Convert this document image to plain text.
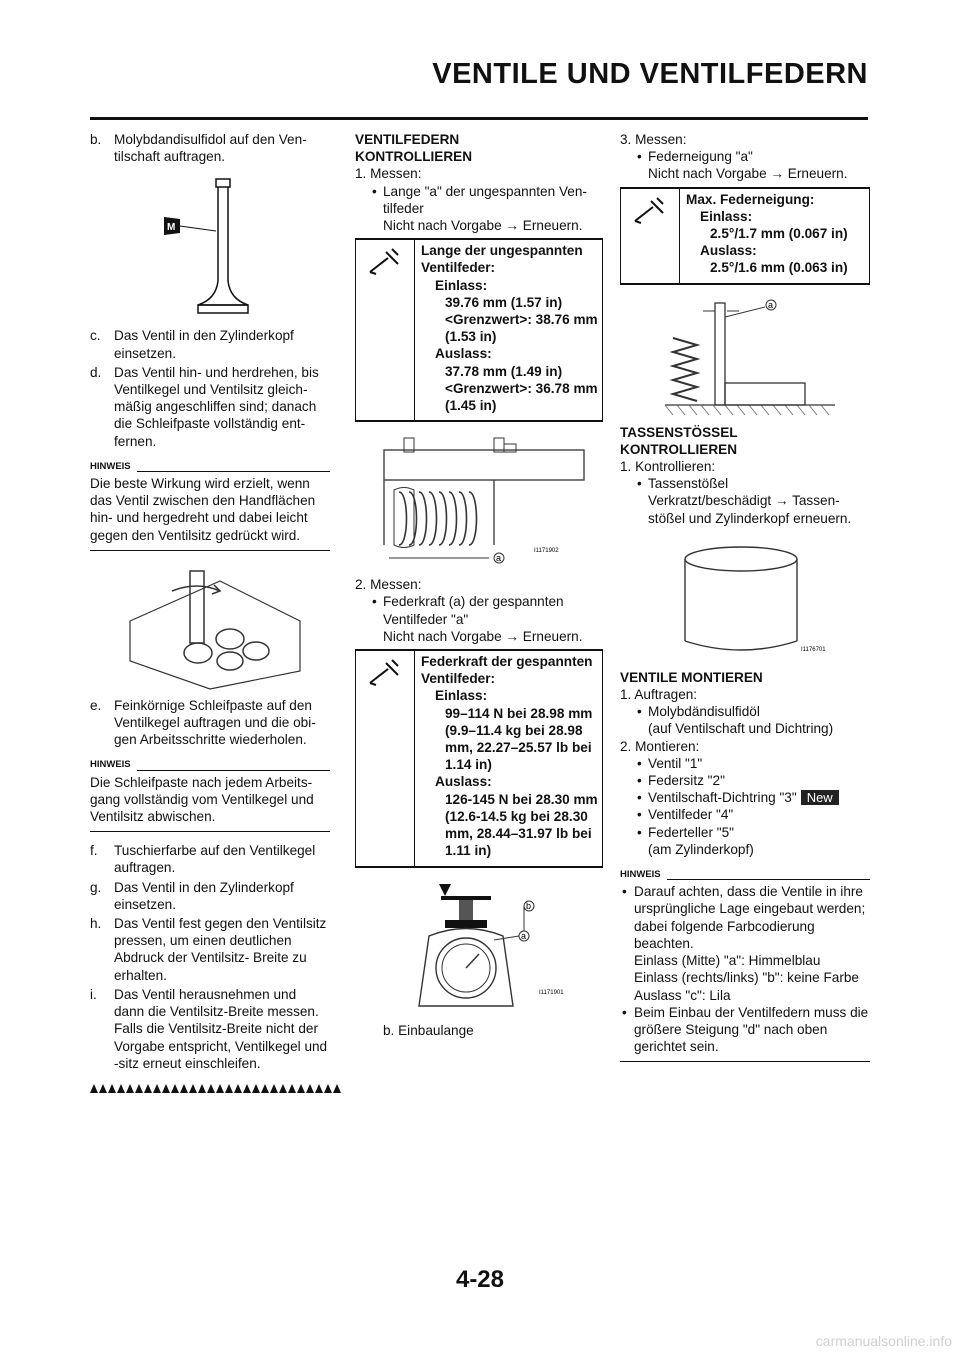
VENTILE UND VENTILFEDERN
b. Molybdandisulfidol auf den Ventilschaft auftragen.
M
c. Das Ventil in den Zylinderkopf einsetzen.
d. Das Ventil hin- und herdrehen, bis Ventilkegel und Ventilsitz gleichmäßig angeschliffen sind; danach die Schleifpaste vollständig entfernen.
HINWEIS
Die beste Wirkung wird erzielt, wenn das Ventil zwischen den Handflächen hin- und hergedreht und dabei leicht gegen den Ventilsitz gedrückt wird.
e. Feinkörnige Schleifpaste auf den Ventilkegel auftragen und die obigen Arbeitsschritte wiederholen.
HINWEIS
Die Schleifpaste nach jedem Arbeitsgang vollständig vom Ventilkegel und Ventilsitz abwischen.
f. Tuschierfarbe auf den Ventilkegel auftragen.
g. Das Ventil in den Zylinderkopf einsetzen.
h. Das Ventil fest gegen den Ventilsitz pressen, um einen deutlichen Abdruck der Ventilsitz- Breite zu erhalten.
i. Das Ventil herausnehmen und dann die Ventilsitz-Breite messen. Falls die Ventilsitz-Breite nicht der Vorgabe entspricht, Ventilkegel und -sitz erneut einschleifen.
VENTILFEDERN
KONTROLLIEREN
1. Messen:
• Lange "a" der ungespannten Ventilfeder
Nicht nach Vorgabe → Erneuern.
Lange der ungespannten Ventilfeder:
Einlass:
39.76 mm (1.57 in)
<Grenzwert>: 38.76 mm (1.53 in)
Auslass:
37.78 mm (1.49 in)
<Grenzwert>: 36.78 mm (1.45 in)
a
I1171902
2. Messen:
• Federkraft (a) der gespannten Ventilfeder "a"
Nicht nach Vorgabe → Erneuern.
Federkraft der gespannten Ventilfeder:
Einlass:
99–114 N bei 28.98 mm (9.9–11.4 kg bei 28.98 mm, 22.27–25.57 lb bei 1.14 in)
Auslass:
126-145 N bei 28.30 mm (12.6-14.5 kg bei 28.30 mm, 28.44–31.97 lb bei 1.11 in)
b
a
I1171901
b. Einbaulange
3. Messen:
• Federneigung "a"
Nicht nach Vorgabe → Erneuern.
Max. Federneigung:
Einlass:
2.5°/1.7 mm (0.067 in)
Auslass:
2.5°/1.6 mm (0.063 in)
a
TASSENSTÖSSEL
KONTROLLIEREN
1. Kontrollieren:
• Tassenstößel
Verkratzt/beschädigt → Tassenstößel und Zylinderkopf erneuern.
I1176701
VENTILE MONTIEREN
1. Auftragen:
• Molybdändisulfidöl
(auf Ventilschaft und Dichtring)
2. Montieren:
• Ventil "1"
• Federsitz "2"
• Ventilschaft-Dichtring "3" New
• Ventilfeder "4"
• Federteller "5"
(am Zylinderkopf)
HINWEIS
• Darauf achten, dass die Ventile in ihre ursprüngliche Lage eingebaut werden; dabei folgende Farbcodierung beachten.
Einlass (Mitte) "a": Himmelblau
Einlass (rechts/links) "b": keine Farbe
Auslass "c": Lila
• Beim Einbau der Ventilfedern muss die größere Steigung "d" nach oben gerichtet sein.
4-28
carmanualsonline.info
